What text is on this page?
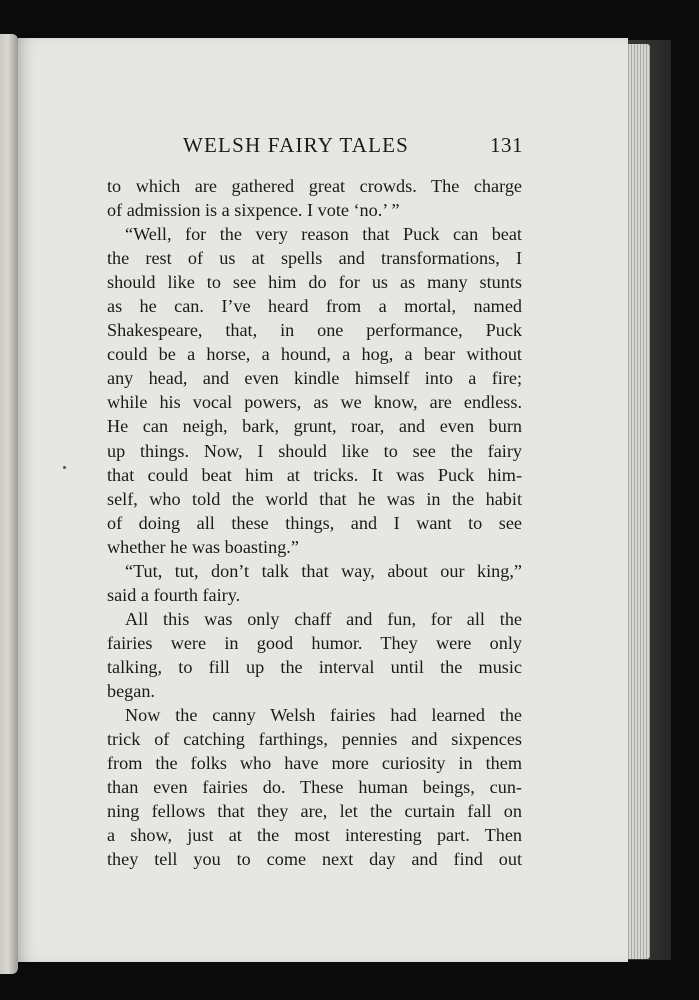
WELSH FAIRY TALES	131
to which are gathered great crowds. The charge
of admission is a sixpence. I vote ‘no.’ ”
“Well, for the very reason that Puck can beat
the rest of us at spells and transformations, I
should like to see him do for us as many stunts
as he can. I’ve heard from a mortal, named
Shakespeare, that, in one performance, Puck
could be a horse, a hound, a hog, a bear without
any head, and even kindle himself into a fire;
while his vocal powers, as we know, are endless.
He can neigh, bark, grunt, roar, and even burn
up things. Now, I should like to see the fairy
that could beat him at tricks. It was Puck him-
self, who told the world that he was in the habit
of doing all these things, and I want to see
whether he was boasting.”
“Tut, tut, don’t talk that way, about our king,”
said a fourth fairy.
All this was only chaff and fun, for all the
fairies were in good humor. They were only
talking, to fill up the interval until the music
began.
Now the canny Welsh fairies had learned the
trick of catching farthings, pennies and sixpences
from the folks who have more curiosity in them
than even fairies do. These human beings, cun-
ning fellows that they are, let the curtain fall on
a show, just at the most interesting part. Then
they tell you to come next day and find out
